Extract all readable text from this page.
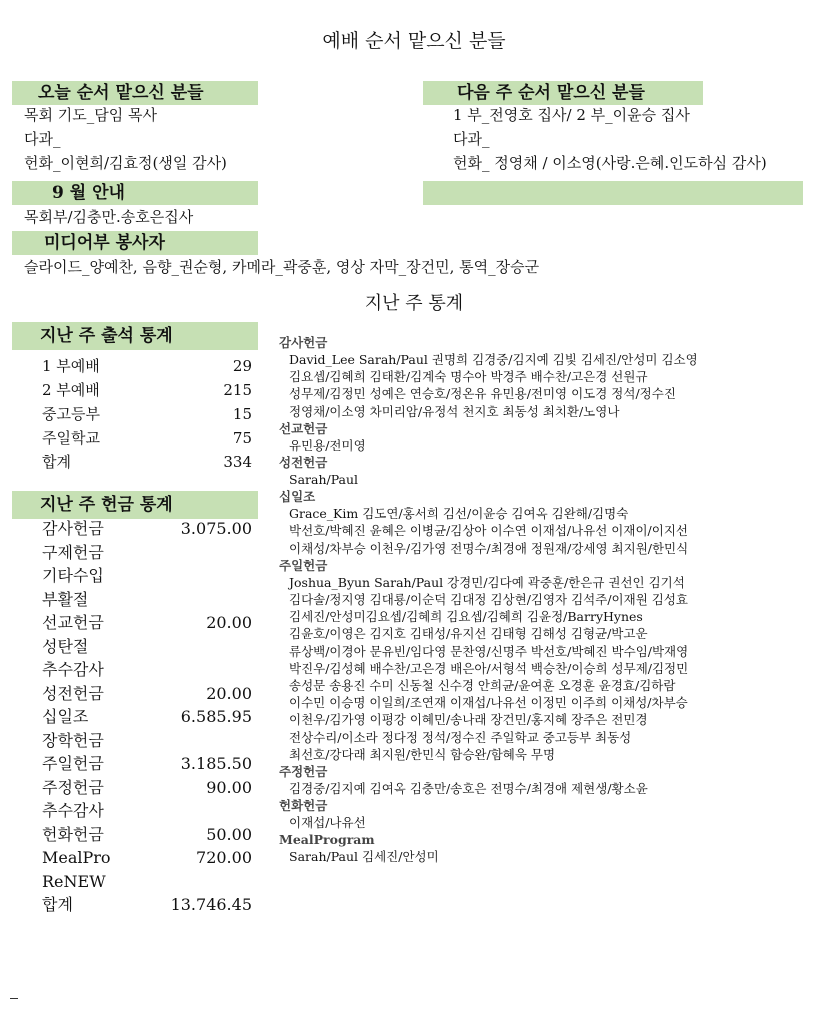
예배 순서 맡으신 분들
오늘 순서 맡으신 분들
목회 기도_담임 목사
다과_
헌화_이현희/김효정(생일 감사)
다음 주 순서 맡으신 분들
1 부_전영호 집사/ 2 부_이윤승 집사
다과_
헌화_ 정영채 / 이소영(사랑.은혜.인도하심 감사)
9 월 안내
목회부/김충만.송호은집사
미디어부 봉사자
슬라이드_양예찬, 음향_권순형, 카메라_곽중훈, 영상 자막_장건민, 통역_장승군
지난 주 통계
지난 주 출석 통계
1 부예배	29
2 부예배	215
중고등부	15
주일학교	75
합계	334
지난 주 헌금 통계
감사헌금	3.075.00
구제헌금
기타수입
부활절
선교헌금	20.00
성탄절
추수감사
성전헌금	20.00
십일조	6.585.95
장학헌금
주일헌금	3.185.50
주정헌금	90.00
추수감사
헌화헌금	50.00
MealPro	720.00
ReNEW
합계	13.746.45
감사헌금
David_Lee Sarah/Paul 권명희 김경중/김지예 김빛 김세진/안성미 김소영
김요셉/김혜희 김태환/김계숙 명수아 박경주 배수찬/고은경 선원규
성무제/김정민 성예은 연승호/정온유 유민용/전미영 이도경 정석/정수진
정영채/이소영 차미리암/유정석 천지호 최동성 최치환/노영나
선교헌금
유민용/전미영
성전헌금
Sarah/Paul
십일조
Grace_Kim 김도연/홍서희 김선/이윤승 김여옥 김완해/김명숙
박선호/박혜진 윤혜은 이병균/김상아 이수연 이재섭/나유선 이재이/이지선
이채성/차부승 이천우/김가영 전명수/최경애 정원재/강세영 최지원/한민식
주일헌금
Joshua_Byun Sarah/Paul 강경민/김다예 곽중훈/한은규 권선인 김기석
김다솔/정지영 김대룡/이순덕 김대정 김상현/김영자 김석주/이재원 김성효
김세진/안성미김요셉/김혜희 김요셉/김혜희 김윤정/BarryHynes
김윤호/이영은 김지호 김태성/유지선 김태형 김해성 김형균/박고운
류상백/이경아 문유빈/임다영 문찬영/신명주 박선호/박혜진 박수임/박재영
박진우/김성혜 배수찬/고은경 배은아/서형석 백승찬/이승희 성무제/김정민
송성문 송용진 수미 신동철 신수경 안희균/윤여훈 오경훈 윤경효/김하람
이수민 이승명 이일희/조연재 이재섭/나유선 이정민 이주희 이채성/차부승
이천우/김가영 이평강 이혜민/송나래 장건민/홍지혜 장주은 전민경
전상수리/이소라 정다정 정석/정수진 주일학교 중고등부 최동성
최선호/강다래 최지원/한민식 함승완/함혜욱 무명
주정헌금
김경중/김지예 김여옥 김충만/송호은 전명수/최경애 제현생/황소윤
헌화헌금
이재섭/나유선
MealProgram
Sarah/Paul 김세진/안성미
